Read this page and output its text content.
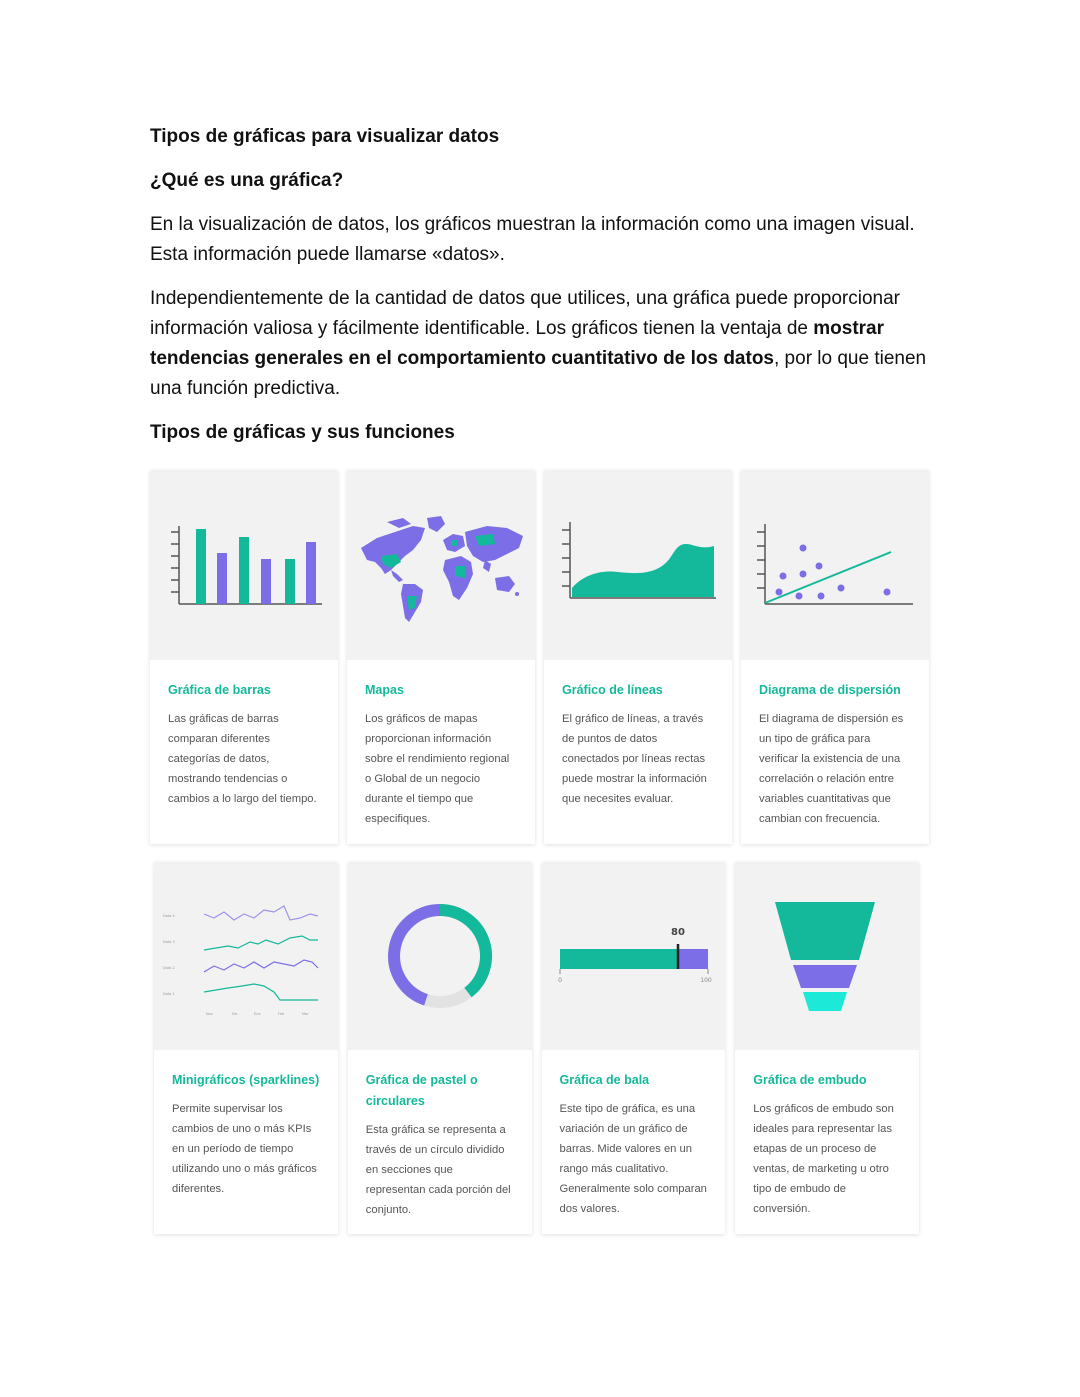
Tipos de gráficas para visualizar datos

¿Qué es una gráfica?

En la visualización de datos, los gráficos muestran la información como una imagen visual. Esta información puede llamarse «datos».

Independientemente de la cantidad de datos que utilices, una gráfica puede proporcionar información valiosa y fácilmente identificable. Los gráficos tienen la ventaja de mostrar tendencias generales en el comportamiento cuantitativo de los datos, por lo que tienen una función predictiva.

Tipos de gráficas y sus funciones

Gráfica de barras

Las gráficas de barras comparan diferentes categorías de datos, mostrando tendencias o cambios a lo largo del tiempo.

Mapas

Los gráficos de mapas proporcionan información sobre el rendimiento regional o Global de un negocio durante el tiempo que especifiques.

Gráfico de líneas

El gráfico de líneas, a través de puntos de datos conectados por líneas rectas puede mostrar la información que necesites evaluar.

Diagrama de dispersión

El diagrama de dispersión es un tipo de gráfica para verificar la existencia de una correlación o relación entre variables cuantitativas que cambian con frecuencia.

Data 4
Data 3
Data 2
Data 1
Nov	Dic	Ene	Feb	Mar

Minigráficos (sparklines)

Permite supervisar los cambios de uno o más KPIs en un período de tiempo utilizando uno o más gráficos diferentes.

Gráfica de pastel o circulares

Esta gráfica se representa a través de un círculo dividido en secciones que representan cada porción del conjunto.

80
0	100

Gráfica de bala

Este tipo de gráfica, es una variación de un gráfico de barras. Mide valores en un rango más cualitativo. Generalmente solo comparan dos valores.

Gráfica de embudo

Los gráficos de embudo son ideales para representar las etapas de un proceso de ventas, de marketing u otro tipo de embudo de conversión.
